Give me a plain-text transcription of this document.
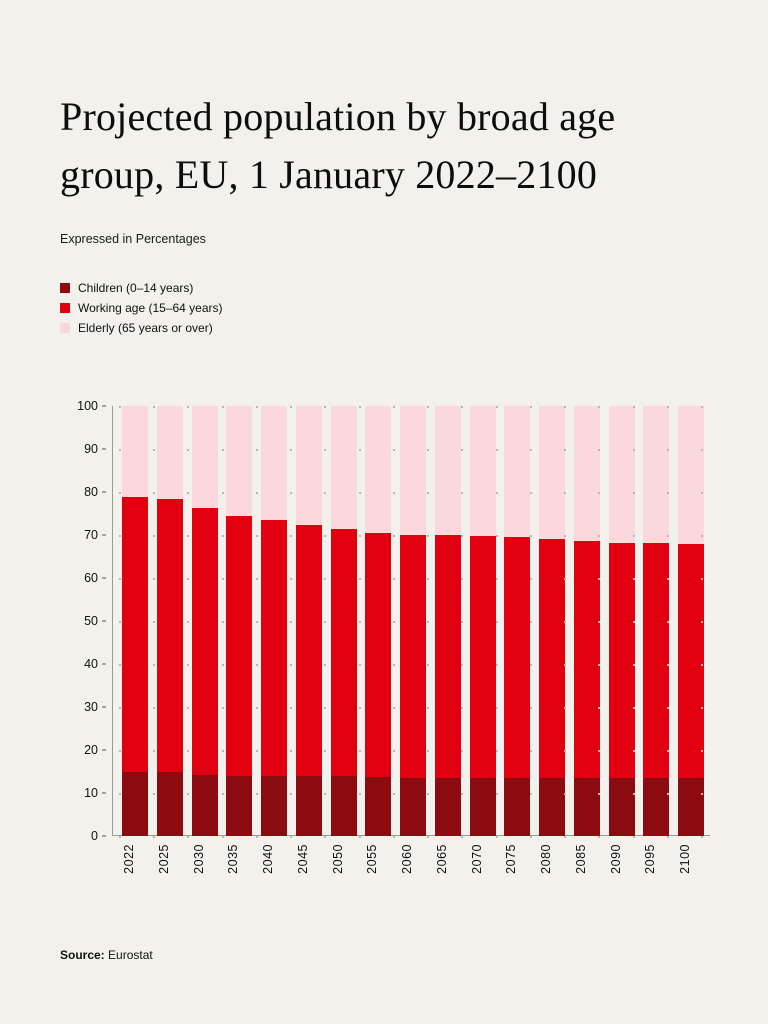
Projected population by broad age group, EU, 1 January 2022–2100
Expressed in Percentages
Children (0–14 years)
Working age (15–64 years)
Elderly (65 years or over)
0
10
20
30
40
50
60
70
80
90
100
2022	2025	2030	2035	2040	2045	2050	2055	2060	2065	2070	2075	2080	2085	2090	2095	2100
Source: Eurostat
